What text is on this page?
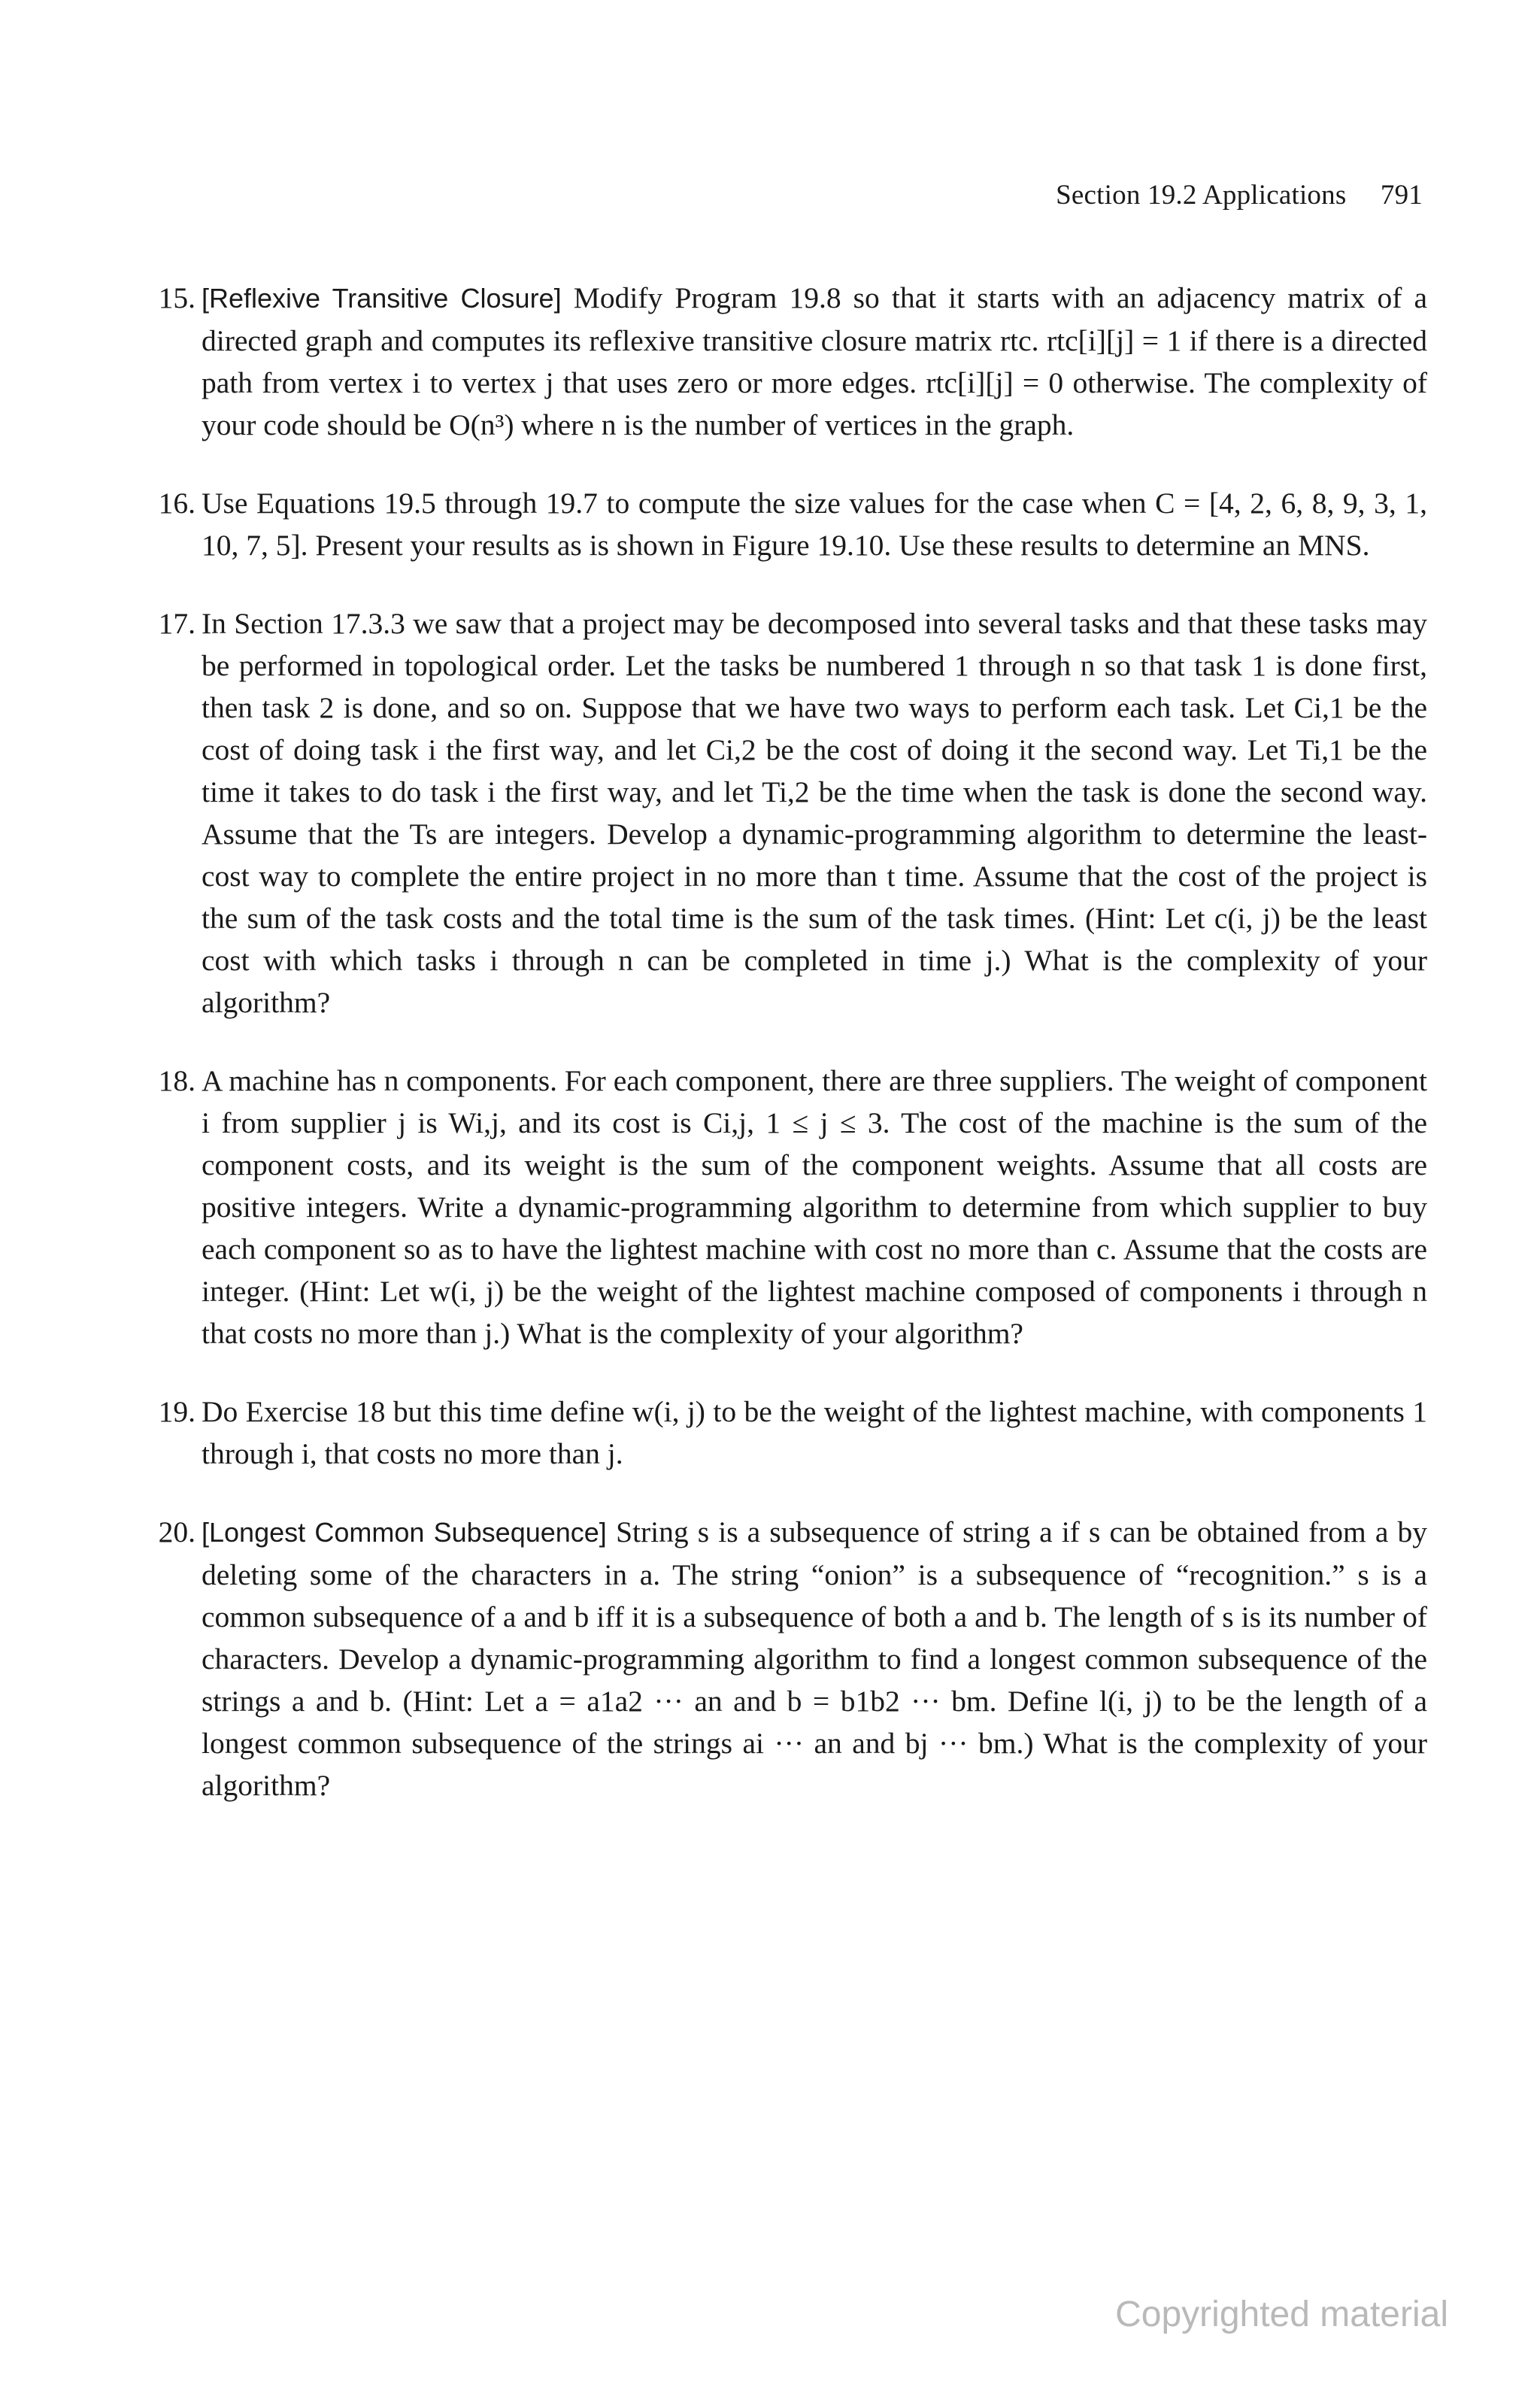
Section 19.2 Applications 791
15. [Reflexive Transitive Closure] Modify Program 19.8 so that it starts with an adjacency matrix of a directed graph and computes its reflexive transitive closure matrix rtc. rtc[i][j] = 1 if there is a directed path from vertex i to vertex j that uses zero or more edges. rtc[i][j] = 0 otherwise. The complexity of your code should be O(n³) where n is the number of vertices in the graph.
16. Use Equations 19.5 through 19.7 to compute the size values for the case when C = [4, 2, 6, 8, 9, 3, 1, 10, 7, 5]. Present your results as is shown in Figure 19.10. Use these results to determine an MNS.
17. In Section 17.3.3 we saw that a project may be decomposed into several tasks and that these tasks may be performed in topological order. Let the tasks be numbered 1 through n so that task 1 is done first, then task 2 is done, and so on. Suppose that we have two ways to perform each task. Let Ci,1 be the cost of doing task i the first way, and let Ci,2 be the cost of doing it the second way. Let Ti,1 be the time it takes to do task i the first way, and let Ti,2 be the time when the task is done the second way. Assume that the Ts are integers. Develop a dynamic-programming algorithm to determine the least-cost way to complete the entire project in no more than t time. Assume that the cost of the project is the sum of the task costs and the total time is the sum of the task times. (Hint: Let c(i, j) be the least cost with which tasks i through n can be completed in time j.) What is the complexity of your algorithm?
18. A machine has n components. For each component, there are three suppliers. The weight of component i from supplier j is Wi,j, and its cost is Ci,j, 1 ≤ j ≤ 3. The cost of the machine is the sum of the component costs, and its weight is the sum of the component weights. Assume that all costs are positive integers. Write a dynamic-programming algorithm to determine from which supplier to buy each component so as to have the lightest machine with cost no more than c. Assume that the costs are integer. (Hint: Let w(i, j) be the weight of the lightest machine composed of components i through n that costs no more than j.) What is the complexity of your algorithm?
19. Do Exercise 18 but this time define w(i, j) to be the weight of the lightest machine, with components 1 through i, that costs no more than j.
20. [Longest Common Subsequence] String s is a subsequence of string a if s can be obtained from a by deleting some of the characters in a. The string “onion” is a subsequence of “recognition.” s is a common subsequence of a and b iff it is a subsequence of both a and b. The length of s is its number of characters. Develop a dynamic-programming algorithm to find a longest common subsequence of the strings a and b. (Hint: Let a = a1a2 ··· an and b = b1b2 ··· bm. Define l(i, j) to be the length of a longest common subsequence of the strings ai ··· an and bj ··· bm.) What is the complexity of your algorithm?
Copyrighted material
